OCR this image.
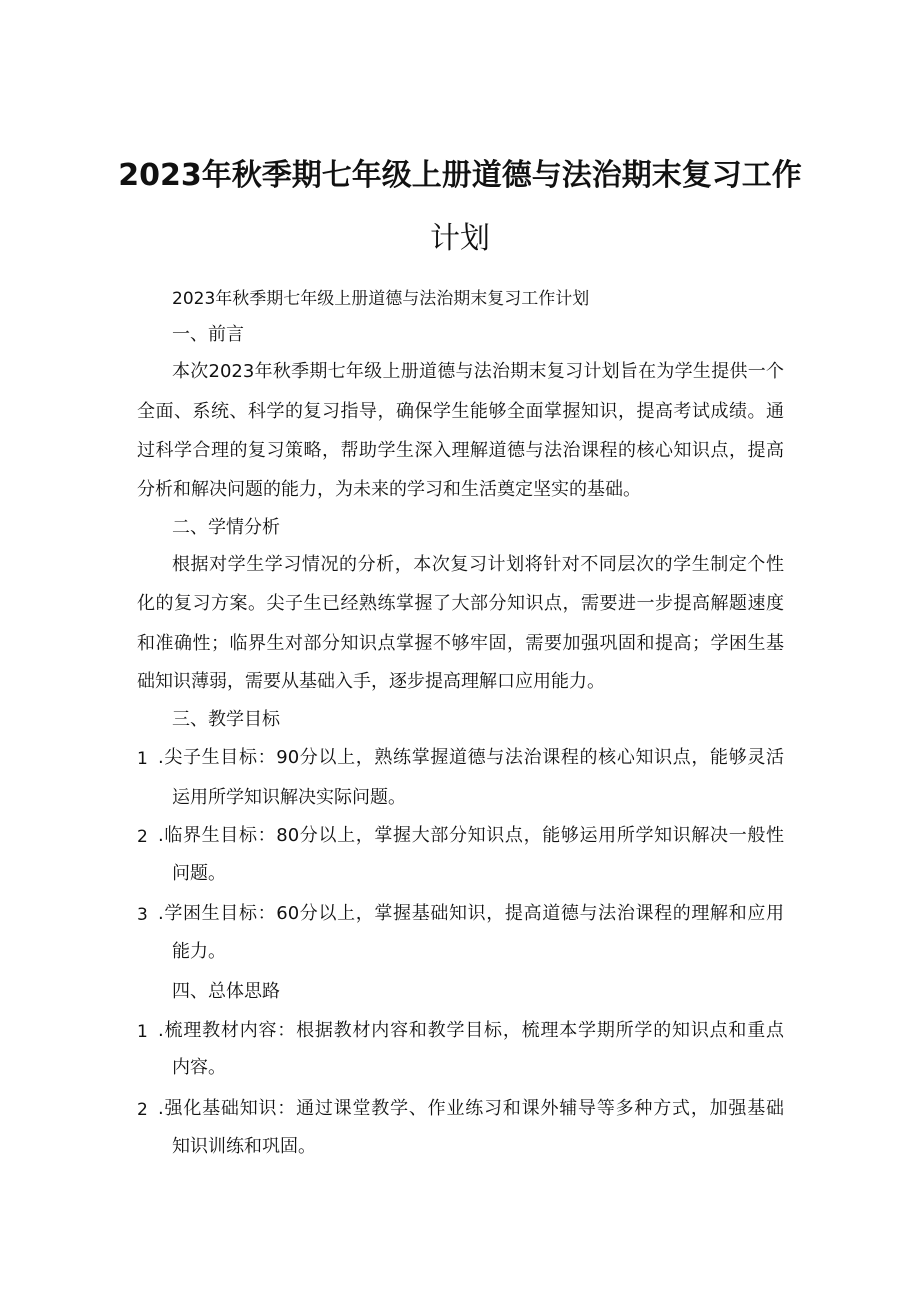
2023年秋季期七年级上册道德与法治期末复习工作
计划
2023年秋季期七年级上册道德与法治期末复习工作计划
一、前言
本次2023年秋季期七年级上册道德与法治期末复习计划旨在为学生提供一个
全面、系统、科学的复习指导，确保学生能够全面掌握知识，提高考试成绩。通
过科学合理的复习策略，帮助学生深入理解道德与法治课程的核心知识点，提高
分析和解决问题的能力，为未来的学习和生活奠定坚实的基础。
二、学情分析
根据对学生学习情况的分析，本次复习计划将针对不同层次的学生制定个性
化的复习方案。尖子生已经熟练掌握了大部分知识点，需要进一步提高解题速度
和准确性；临界生对部分知识点掌握不够牢固，需要加强巩固和提高；学困生基
础知识薄弱，需要从基础入手，逐步提高理解口应用能力。
三、教学目标
1 .尖子生目标：90分以上，熟练掌握道德与法治课程的核心知识点，能够灵活
运用所学知识解决实际问题。
2 .临界生目标：80分以上，掌握大部分知识点，能够运用所学知识解决一般性
问题。
3 .学困生目标：60分以上，掌握基础知识，提高道德与法治课程的理解和应用
能力。
四、总体思路
1 .梳理教材内容：根据教材内容和教学目标，梳理本学期所学的知识点和重点
内容。
2 .强化基础知识：通过课堂教学、作业练习和课外辅导等多种方式，加强基础
知识训练和巩固。
